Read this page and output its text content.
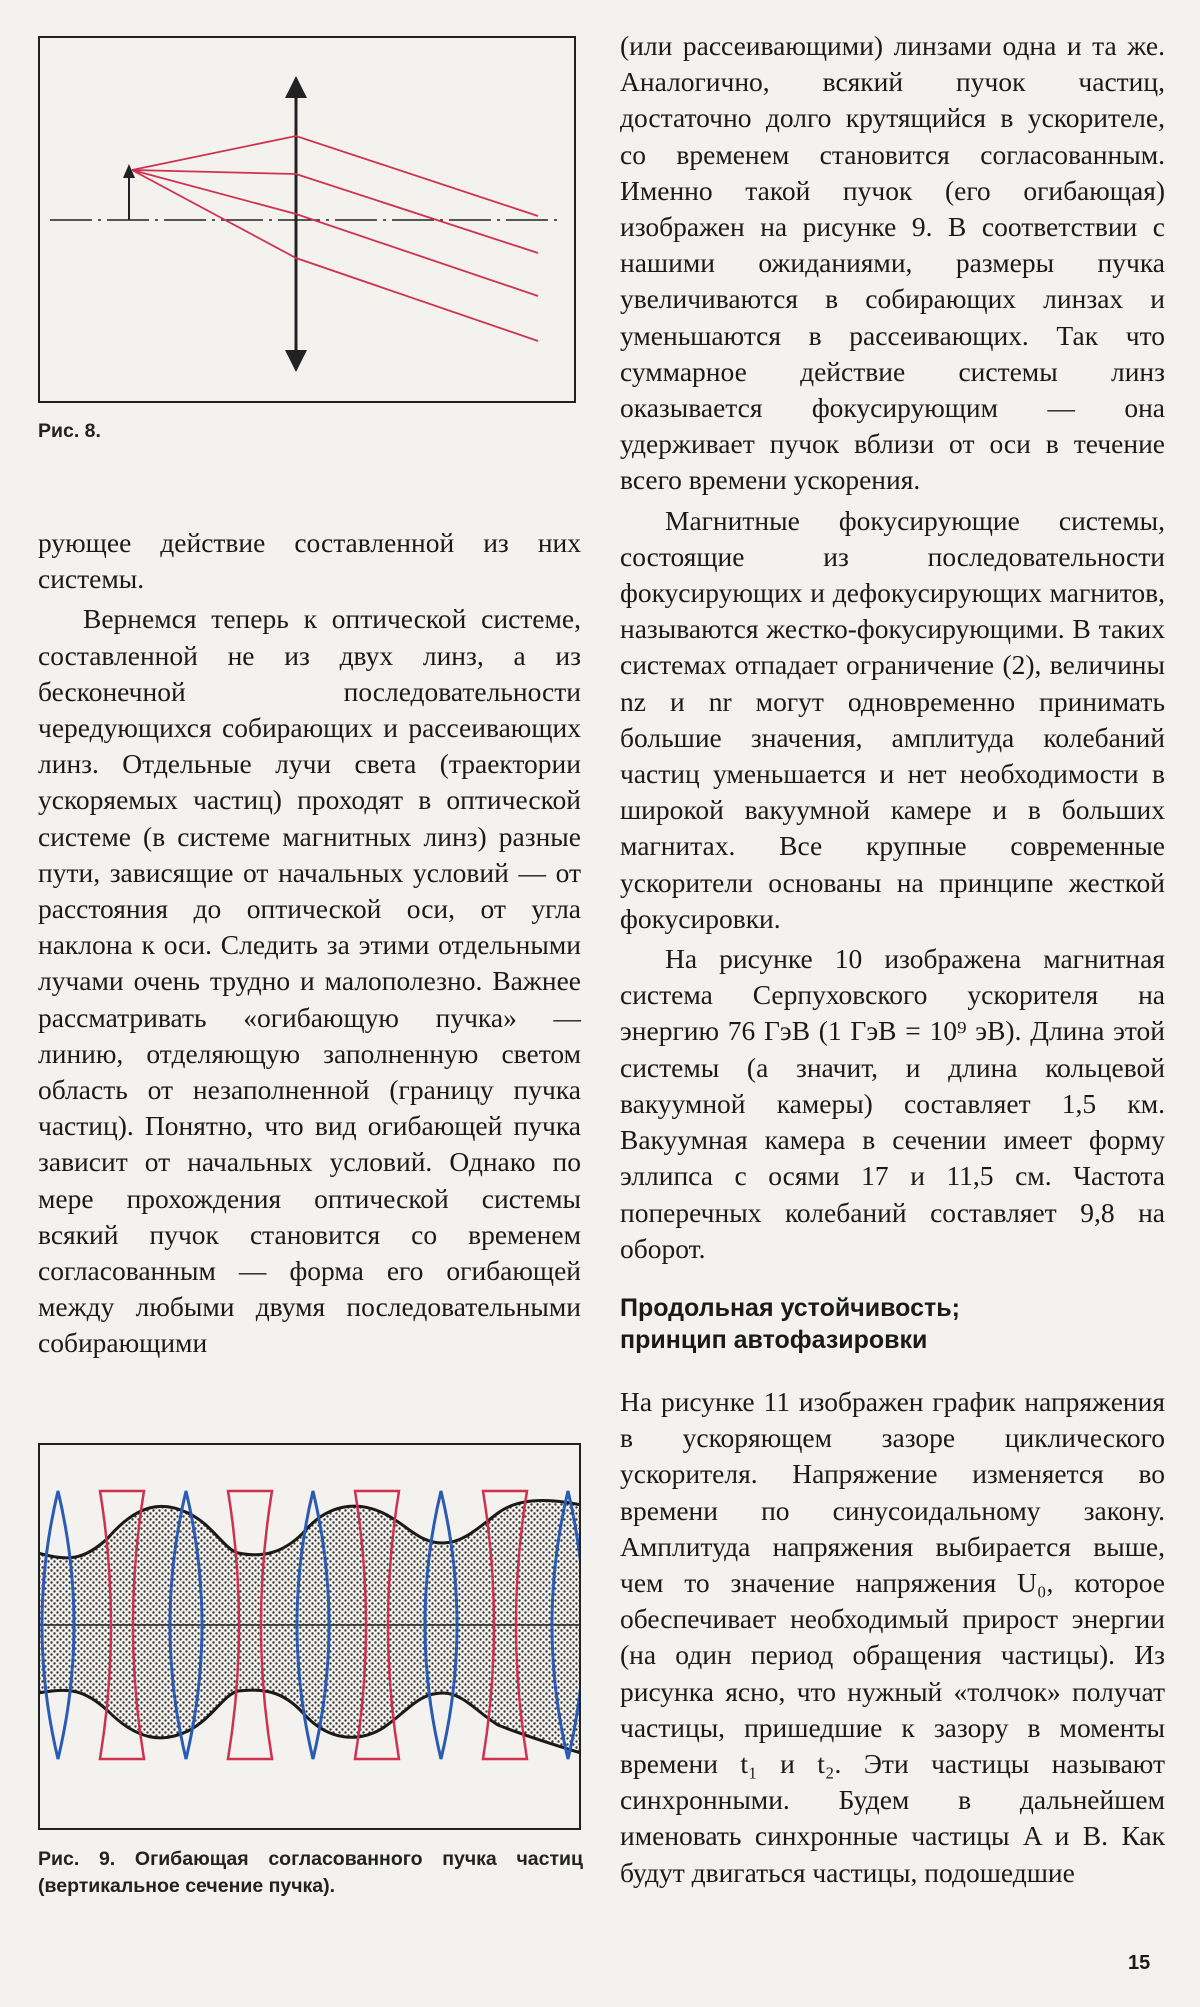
Рис. 8.

рующее действие составленной из них системы.

Вернемся теперь к оптической системе, составленной не из двух линз, а из бесконечной последовательности чередующихся собирающих и рассеивающих линз. Отдельные лучи света (траектории ускоряемых частиц) проходят в оптической системе (в системе магнитных линз) разные пути, зависящие от начальных условий — от расстояния до оптической оси, от угла наклона к оси. Следить за этими отдельными лучами очень трудно и малополезно. Важнее рассматривать «огибающую пучка» — линию, отделяющую заполненную светом область от незаполненной (границу пучка частиц). Понятно, что вид огибающей пучка зависит от начальных условий. Однако по мере прохождения оптической системы всякий пучок становится со временем согласованным — форма его огибающей между любыми двумя последовательными собирающими

(или рассеивающими) линзами одна и та же. Аналогично, всякий пучок частиц, достаточно долго крутящийся в ускорителе, со временем становится согласованным. Именно такой пучок (его огибающая) изображен на рисунке 9. В соответствии с нашими ожиданиями, размеры пучка увеличиваются в собирающих линзах и уменьшаются в рассеивающих. Так что суммарное действие системы линз оказывается фокусирующим — она удерживает пучок вблизи от оси в течение всего времени ускорения.

Магнитные фокусирующие системы, состоящие из последовательности фокусирующих и дефокусирующих магнитов, называются жестко-фокусирующими. В таких системах отпадает ограничение (2), величины nz и nr могут одновременно принимать большие значения, амплитуда колебаний частиц уменьшается и нет необходимости в широкой вакуумной камере и в больших магнитах. Все крупные современные ускорители основаны на принципе жесткой фокусировки.

На рисунке 10 изображена магнитная система Серпуховского ускорителя на энергию 76 ГэВ (1 ГэВ = 10⁹ эВ). Длина этой системы (а значит, и длина кольцевой вакуумной камеры) составляет 1,5 км. Вакуумная камера в сечении имеет форму эллипса с осями 17 и 11,5 см. Частота поперечных колебаний составляет 9,8 на оборот.

Продольная устойчивость;
принцип автофазировки

На рисунке 11 изображен график напряжения в ускоряющем зазоре циклического ускорителя. Напряжение изменяется во времени по синусоидальному закону. Амплитуда напряжения выбирается выше, чем то значение напряжения U₀, которое обеспечивает необходимый прирост энергии (на один период обращения частицы). Из рисунка ясно, что нужный «толчок» получат частицы, пришедшие к зазору в моменты времени t₁ и t₂. Эти частицы называют синхронными. Будем в дальнейшем именовать синхронные частицы A и B. Как будут двигаться частицы, подошедшие

Рис. 9. Огибающая согласованного пучка частиц (вертикальное сечение пучка).
15
